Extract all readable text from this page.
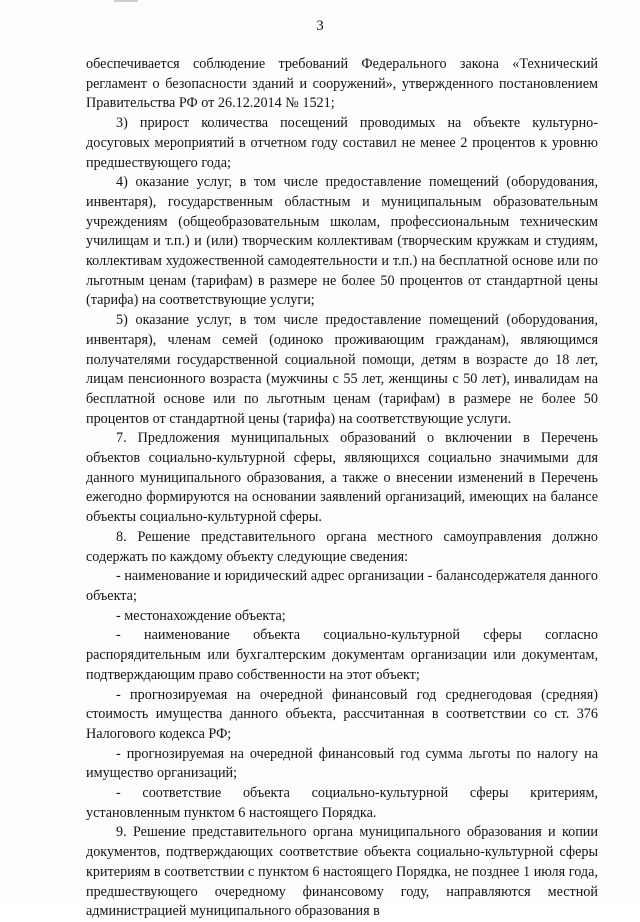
3

обеспечивается соблюдение требований Федерального закона «Технический регламент о безопасности зданий и сооружений», утвержденного постановлением Правительства РФ от 26.12.2014 № 1521;

3) прирост количества посещений проводимых на объекте культурно-досуговых мероприятий в отчетном году составил не менее 2 процентов к уровню предшествующего года;

4) оказание услуг, в том числе предоставление помещений (оборудования, инвентаря), государственным областным и муниципальным образовательным учреждениям (общеобразовательным школам, профессиональным техническим училищам и т.п.) и (или) творческим коллективам (творческим кружкам и студиям, коллективам художественной самодеятельности и т.п.) на бесплатной основе или по льготным ценам (тарифам) в размере не более 50 процентов от стандартной цены (тарифа) на соответствующие услуги;

5) оказание услуг, в том числе предоставление помещений (оборудования, инвентаря), членам семей (одиноко проживающим гражданам), являющимся получателями государственной социальной помощи, детям в возрасте до 18 лет, лицам пенсионного возраста (мужчины с 55 лет, женщины с 50 лет), инвалидам на бесплатной основе или по льготным ценам (тарифам) в размере не более 50 процентов от стандартной цены (тарифа) на соответствующие услуги.

7. Предложения муниципальных образований о включении в Перечень объектов социально-культурной сферы, являющихся социально значимыми для данного муниципального образования, а также о внесении изменений в Перечень ежегодно формируются на основании заявлений организаций, имеющих на балансе объекты социально-культурной сферы.

8. Решение представительного органа местного самоуправления должно содержать по каждому объекту следующие сведения:

- наименование и юридический адрес организации - балансодержателя данного объекта;

- местонахождение объекта;

- наименование объекта социально-культурной сферы согласно распорядительным или бухгалтерским документам организации или документам, подтверждающим право собственности на этот объект;

- прогнозируемая на очередной финансовый год среднегодовая (средняя) стоимость имущества данного объекта, рассчитанная в соответствии со ст. 376 Налогового кодекса РФ;

- прогнозируемая на очередной финансовый год сумма льготы по налогу на имущество организаций;

- соответствие объекта социально-культурной сферы критериям, установленным пунктом 6 настоящего Порядка.

9. Решение представительного органа муниципального образования и копии документов, подтверждающих соответствие объекта социально-культурной сферы критериям в соответствии с пунктом 6 настоящего Порядка, не позднее 1 июля года, предшествующего очередному финансовому году, направляются местной администрацией муниципального образования в
